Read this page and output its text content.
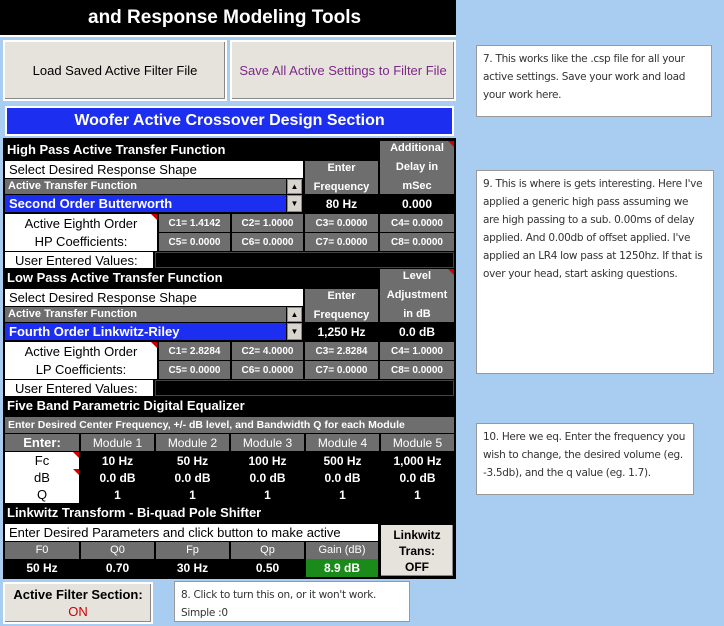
and Response Modeling Tools
Load Saved Active Filter File	Save All Active Settings to Filter File
7. This works like the .csp file for all your active settings. Save your work and load your work here.
9. This is where is gets interesting. Here I've applied a generic high pass assuming we are high passing to a sub. 0.00ms of delay applied. And 0.00db of offset applied. I've applied an LR4 low pass at 1250hz. If that is over your head, start asking questions.
10. Here we eq. Enter the frequency you wish to change, the desired volume (eg. -3.5db), and the q value (eg. 1.7).
8. Click to turn this on, or it won't work. Simple :0
Woofer Active Crossover Design Section
High Pass Active Transfer Function
Select Desired Response Shape
Active Transfer Function	▲
Second Order Butterworth	▼
Enter
Frequency
80 Hz
Additional
Delay in
mSec
0.000
Active Eighth Order
HP Coefficients:
C1= 1.4142	C2= 1.0000	C3= 0.0000	C4= 0.0000
C5= 0.0000	C6= 0.0000	C7= 0.0000	C8= 0.0000
User Entered Values:
Low Pass Active Transfer Function
Select Desired Response Shape
Active Transfer Function	▲
Fourth Order Linkwitz-Riley	▼
Enter
Frequency
1,250 Hz
Level
Adjustment
in dB
0.0 dB
Active Eighth Order
LP Coefficients:
C1= 2.8284	C2= 4.0000	C3= 2.8284	C4= 1.0000
C5= 0.0000	C6= 0.0000	C7= 0.0000	C8= 0.0000
User Entered Values:
Five Band Parametric Digital Equalizer
Enter Desired Center Frequency, +/- dB level, and Bandwidth Q for each Module
Enter:	Module 1	Module 2	Module 3	Module 4	Module 5
Fc	10 Hz	50 Hz	100 Hz	500 Hz	1,000 Hz
dB	0.0 dB	0.0 dB	0.0 dB	0.0 dB	0.0 dB
Q	1	1	1	1	1
Linkwitz Transform - Bi-quad Pole Shifter
Enter Desired Parameters and click button to make active
F0	Q0	Fp	Qp	Gain (dB)
50 Hz	0.70	30 Hz	0.50	8.9 dB
Linkwitz
Trans:
OFF
Active Filter Section:
ON
